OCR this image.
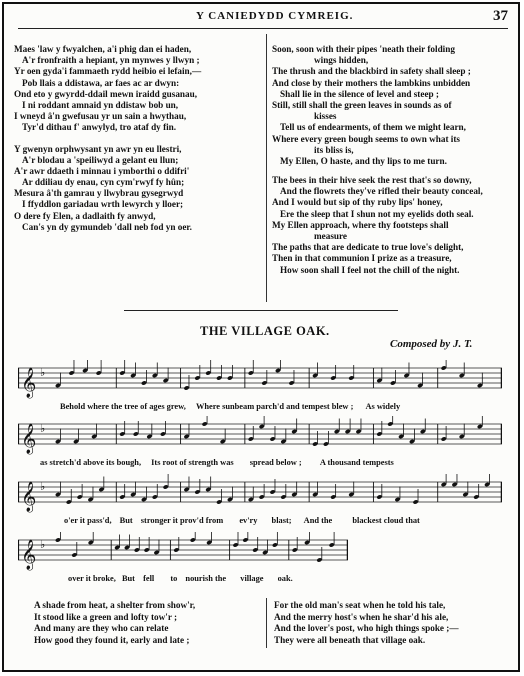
Y CANIEDYDD CYMREIG.	37
Maes 'law y fwyalchen, a'i phig dan ei haden,
A'r fronfraith a hepiant, yn mynwes y llwyn ;
Yr oen gyda'i fammaeth rydd heibio ei lefain,—
Pob llais a ddistawa, ar faes ac ar dwyn:
Ond eto y gwyrdd-ddail mewn iraidd gusanau,
I ni roddant amnaid yn ddistaw bob un,
I wneyd â'n gwefusau yr un sain a hwythau,
Tyr'd dithau f' anwylyd, tro ataf dy fin.
Y gwenyn orphwysant yn awr yn eu llestri,
A'r blodau a 'speiliwyd a gelant eu llun;
A'r awr ddaeth i minnau i ymborthi o ddifri'
Ar ddiliau dy enau, cyn cym'rwyf fy hûn;
Mesura â'th gamrau y llwybrau gysegrwyd
I ffyddlon gariadau wrth lewyrch y lloer;
O dere fy Elen, a dadlaith fy anwyd,
Can's yn dy gymundeb 'dall neb fod yn oer.
Soon, soon with their pipes 'neath their folding
wings hidden,
The thrush and the blackbird in safety shall sleep ;
And close by their mothers the lambkins unbidden
Shall lie in the silence of level and steep ;
Still, still shall the green leaves in sounds as of
kisses
Tell us of endearments, of them we might learn,
Where every green bough seems to own what its
its bliss is,
My Ellen, O haste, and thy lips to me turn.
The bees in their hive seek the rest that's so downy,
And the flowrets they've rifled their beauty conceal,
And I would but sip of thy ruby lips' honey,
Ere the sleep that I shun not my eyelids doth seal.
My Ellen approach, where thy footsteps shall
measure
The paths that are dedicate to true love's delight,
Then in that communion I prize as a treasure,
How soon shall I feel not the chill of the night.
THE VILLAGE OAK.
Composed by J. T.
𝄞 ♭
Behold where the tree of ages grew, Where sunbeam parch'd and tempest blew ; As widely
𝄞 ♭
as stretch'd above its bough, Its root of strength was spread below ; A thousand tempests
𝄞 ♭
o'er it pass'd, But stronger it prov'd from ev'ry blast; And the blackest cloud that
𝄞 ♭
over it broke, But fell to nourish the village oak.
A shade from heat, a shelter from show'r,
It stood like a green and lofty tow'r ;
And many are they who can relate
How good they found it, early and late ;
For the old man's seat when he told his tale,
And the merry host's when he shar'd his ale,
And the lover's post, who high things spoke ;—
They were all beneath that village oak.
